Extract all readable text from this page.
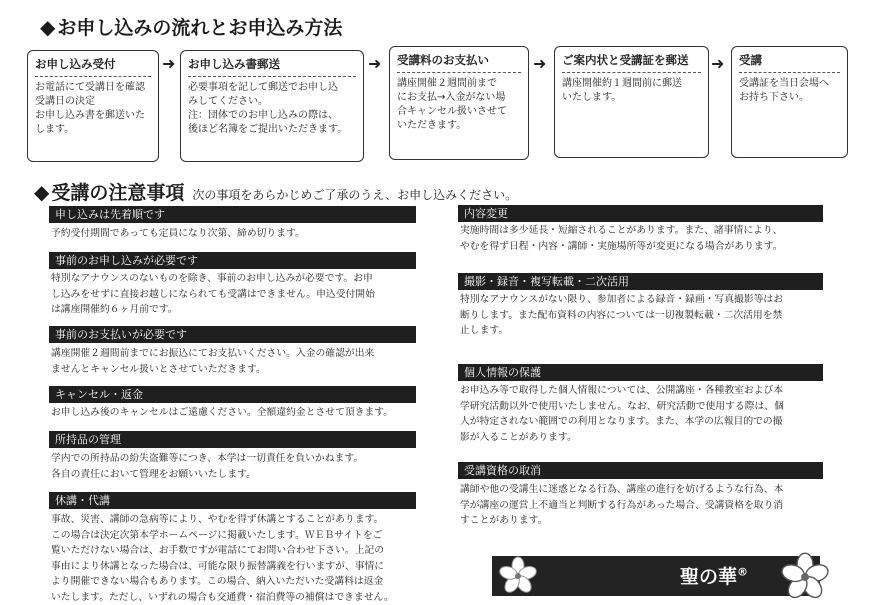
◆ お申し込みの流れとお申込み方法
お申し込み受付
お電話にて受講日を確認
受講日の決定
お申し込み書を郵送いた
します。
➜ お申し込み書郵送
必要事項を記して郵送でお申し込
みしてください。
注：団体でのお申し込みの際は、
後ほど名簿をご提出いただきます。
➜ 受講料のお支払い
講座開催２週間前まで
にお支払→入金がない場
合キャンセル扱いさせて
いただきます。
➜ ご案内状と受講証を郵送
講座開催約１週間前に郵送
いたします。
➜ 受講
受講証を当日会場へ
お持ち下さい。
◆ 受講の注意事項 次の事項をあらかじめご了承のうえ、お申し込みください。
申し込みは先着順です
予約受付期間であっても定員になり次第、締め切ります。
事前のお申し込みが必要です
特別なアナウンスのないものを除き、事前のお申し込みが必要です。お申
し込みをせずに直接お越しになられても受講はできません。申込受付開始
は講座開催約６ヶ月前です。
事前のお支払いが必要です
講座開催２週間前までにお振込にてお支払いください。入金の確認が出来
ませんとキャンセル扱いとさせていただきます。
キャンセル・返金
お申し込み後のキャンセルはご遠慮ください。全額違約金とさせて頂きます。
所持品の管理
学内での所持品の紛失盗難等につき、本学は一切責任を負いかねます。
各自の責任において管理をお願いいたします。
休講・代講
事故、災害、講師の急病等により、やむを得ず休講とすることがあります。
この場合は決定次第本学ホームページに掲載いたします。ＷＥＢサイトをご
覧いただけない場合は、お手数ですが電話にてお問い合わせ下さい。上記の
事由により休講となった場合は、可能な限り振替講義を行いますが、事情に
より開催できない場合もあります。この場合、納入いただいた受講料は返金
いたします。ただし、いずれの場合も交通費・宿泊費等の補償はできません。
内容変更
実施時間は多少延長・短縮されることがあります。また、諸事情により、
やむを得ず日程・内容・講師・実施場所等が変更になる場合があります。
撮影・録音・複写転載・二次活用
特別なアナウンスがない限り、参加者による録音・録画・写真撮影等はお
断りします。また配布資料の内容については一切複製転載・二次活用を禁
止します。
個人情報の保護
お申込み等で取得した個人情報については、公開講座・各種教室および本
学研究活動以外で使用いたしません。なお、研究活動で使用する際は、個
人が特定されない範囲での利用となります。また、本学の広報目的での撮
影が入ることがあります。
受講資格の取消
講師や他の受講生に迷惑となる行為、講座の進行を妨げるような行為、本
学が講座の運営上不適当と判断する行為があった場合、受講資格を取り消
すことがあります。
聖の華®
